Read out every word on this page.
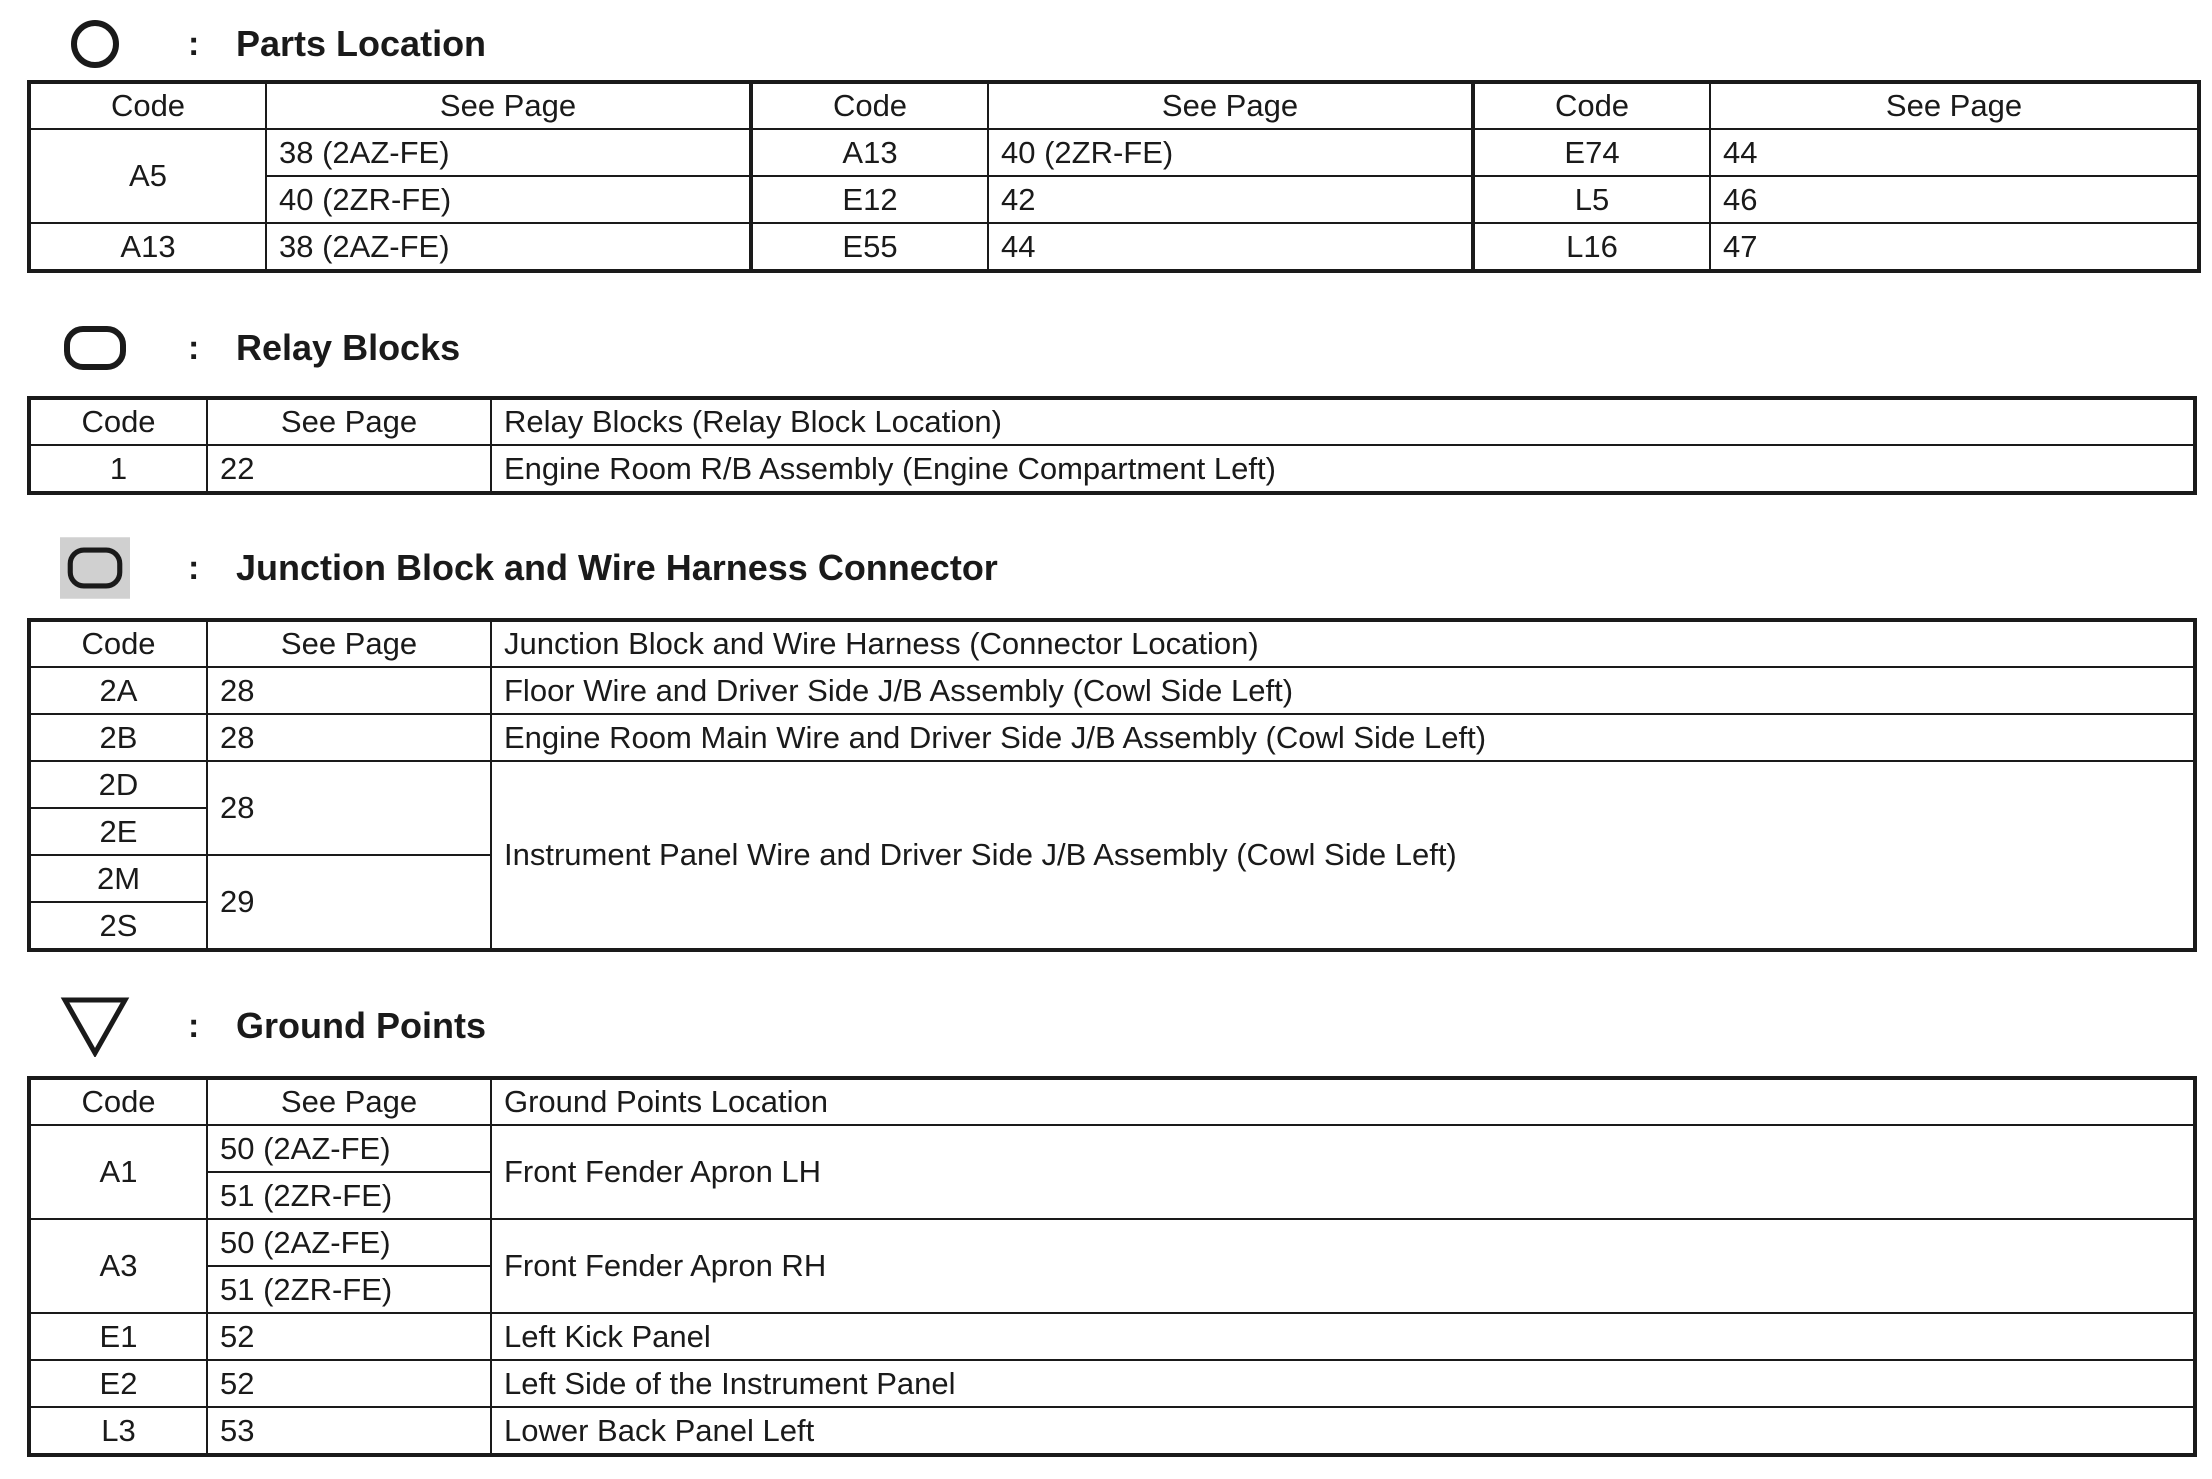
:	Parts Location
Code	See Page	Code	See Page	Code	See Page
A5	38 (2AZ-FE)	A13	40 (2ZR-FE)	E74	44
	40 (2ZR-FE)	E12	42	L5	46
A13	38 (2AZ-FE)	E55	44	L16	47
:	Relay Blocks
Code	See Page	Relay Blocks (Relay Block Location)
1	22	Engine Room R/B Assembly (Engine Compartment Left)
:	Junction Block and Wire Harness Connector
Code	See Page	Junction Block and Wire Harness (Connector Location)
2A	28	Floor Wire and Driver Side J/B Assembly (Cowl Side Left)
2B	28	Engine Room Main Wire and Driver Side J/B Assembly (Cowl Side Left)
2D	28	Instrument Panel Wire and Driver Side J/B Assembly (Cowl Side Left)
2E		
2M	29	
2S		
:	Ground Points
Code	See Page	Ground Points Location
A1	50 (2AZ-FE)	Front Fender Apron LH
	51 (2ZR-FE)	
A3	50 (2AZ-FE)	Front Fender Apron RH
	51 (2ZR-FE)	
E1	52	Left Kick Panel
E2	52	Left Side of the Instrument Panel
L3	53	Lower Back Panel Left
